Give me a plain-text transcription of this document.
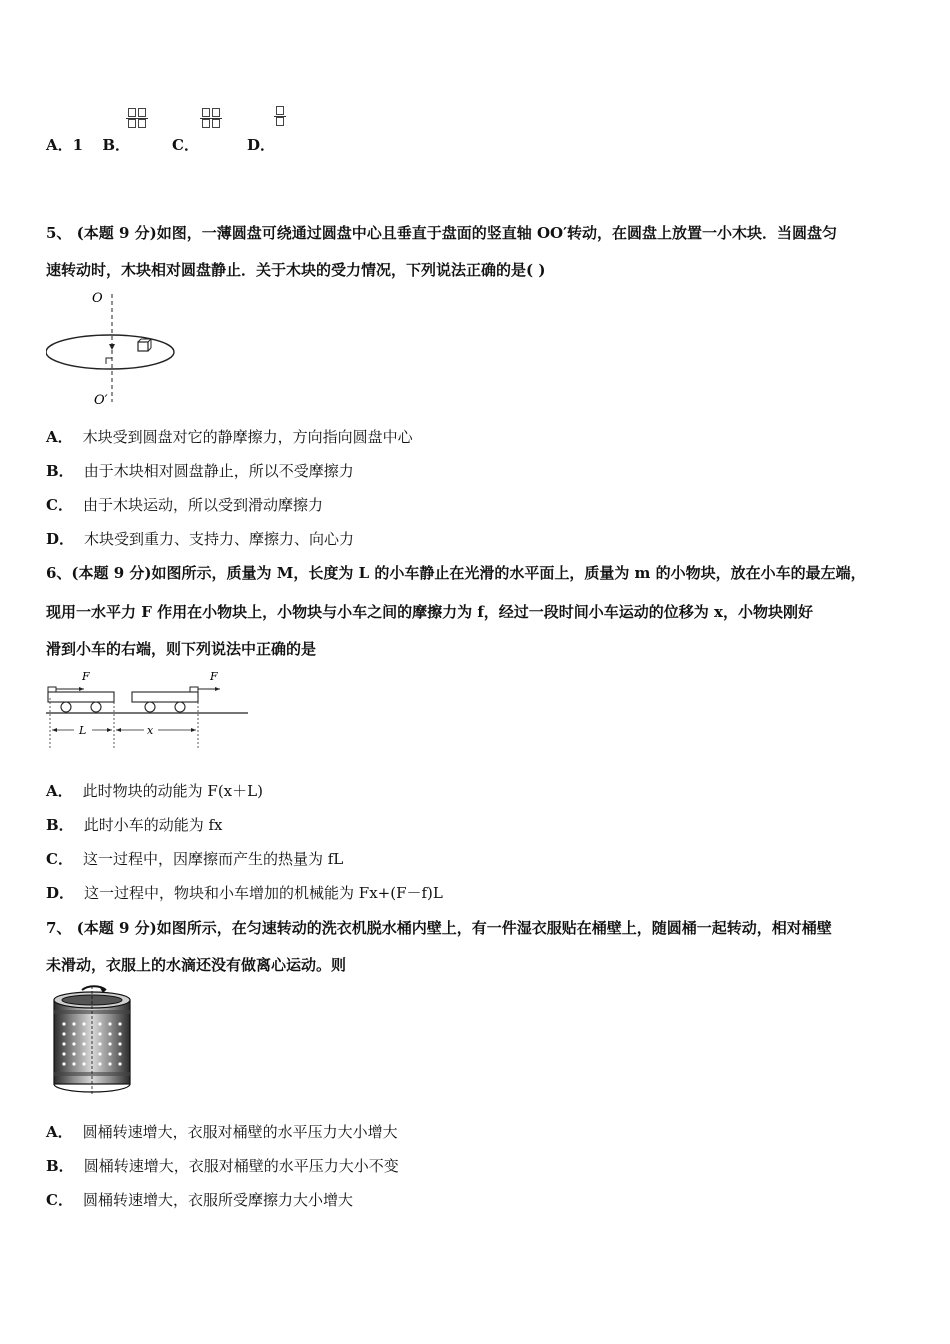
A．1 B．	C．	D．
5、 (本题 9 分)如图，一薄圆盘可绕通过圆盘中心且垂直于盘面的竖直轴 OO′转动，在圆盘上放置一小木块．当圆盘匀
速转动时，木块相对圆盘静止．关于木块的受力情况，下列说法正确的是( )
O
O′
A． 木块受到圆盘对它的静摩擦力，方向指向圆盘中心
B． 由于木块相对圆盘静止，所以不受摩擦力
C． 由于木块运动，所以受到滑动摩擦力
D． 木块受到重力、支持力、摩擦力、向心力
6、(本题 9 分)如图所示，质量为 M，长度为 L 的小车静止在光滑的水平面上，质量为 m 的小物块，放在小车的最左端，
现用一水平力 F 作用在小物块上，小物块与小车之间的摩擦力为 f，经过一段时间小车运动的位移为 x，小物块刚好
滑到小车的右端，则下列说法中正确的是
F	F
L	x
A． 此时物块的动能为 F(x＋L)
B． 此时小车的动能为 fx
C． 这一过程中，因摩擦而产生的热量为 fL
D． 这一过程中，物块和小车增加的机械能为 Fx+(F－f)L
7、 (本题 9 分)如图所示，在匀速转动的洗衣机脱水桶内壁上，有一件湿衣服贴在桶壁上，随圆桶一起转动，相对桶壁
未滑动，衣服上的水滴还没有做离心运动。则
A． 圆桶转速增大，衣服对桶壁的水平压力大小增大
B． 圆桶转速增大，衣服对桶壁的水平压力大小不变
C． 圆桶转速增大，衣服所受摩擦力大小增大
